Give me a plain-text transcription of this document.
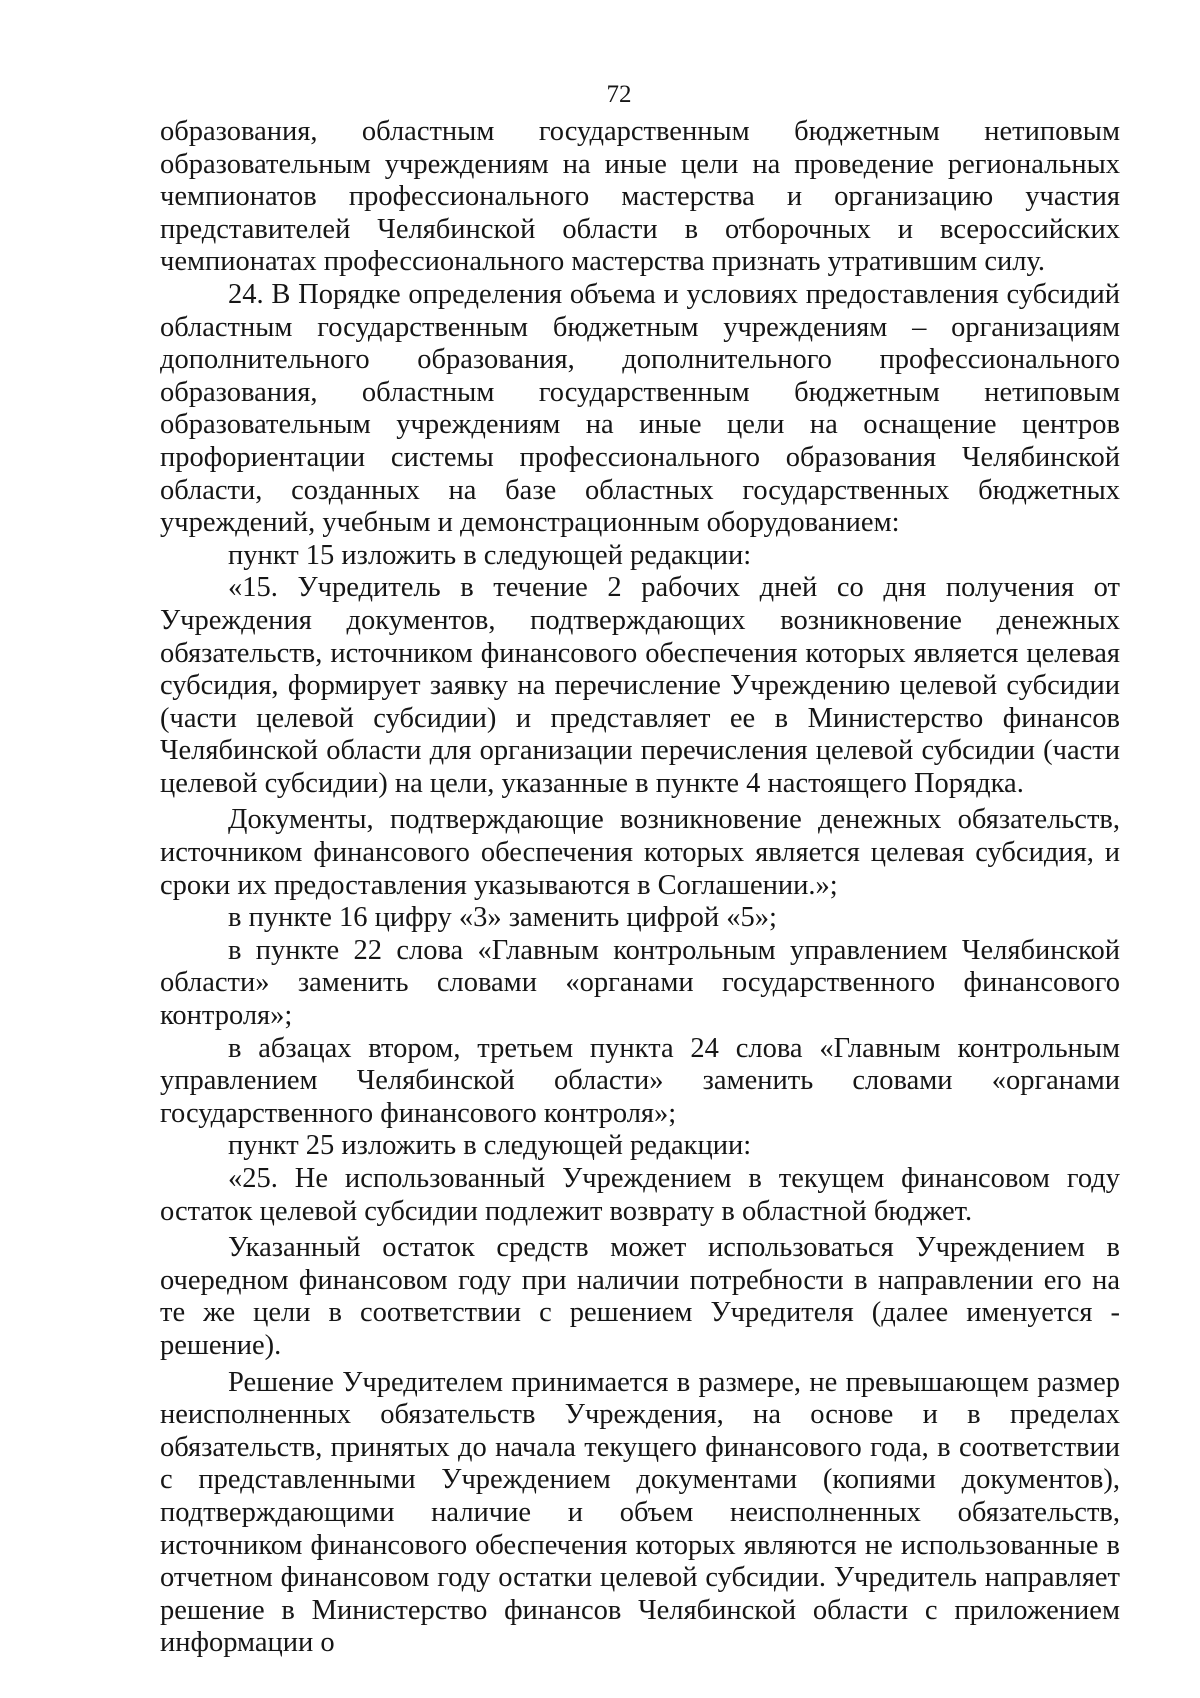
72

образования, областным государственным бюджетным нетиповым образовательным учреждениям на иные цели на проведение региональных чемпионатов профессионального мастерства и организацию участия представителей Челябинской области в отборочных и всероссийских чемпионатах профессионального мастерства признать утратившим силу.

24. В Порядке определения объема и условиях предоставления субсидий областным государственным бюджетным учреждениям – организациям дополнительного образования, дополнительного профессионального образования, областным государственным бюджетным нетиповым образовательным учреждениям на иные цели на оснащение центров профориентации системы профессионального образования Челябинской области, созданных на базе областных государственных бюджетных учреждений, учебным и демонстрационным оборудованием:

пункт 15 изложить в следующей редакции:

«15. Учредитель в течение 2 рабочих дней со дня получения от Учреждения документов, подтверждающих возникновение денежных обязательств, источником финансового обеспечения которых является целевая субсидия, формирует заявку на перечисление Учреждению целевой субсидии (части целевой субсидии) и представляет ее в Министерство финансов Челябинской области для организации перечисления целевой субсидии (части целевой субсидии) на цели, указанные в пункте 4 настоящего Порядка.

Документы, подтверждающие возникновение денежных обязательств, источником финансового обеспечения которых является целевая субсидия, и сроки их предоставления указываются в Соглашении.»;

в пункте 16 цифру «3» заменить цифрой «5»;

в пункте 22 слова «Главным контрольным управлением Челябинской области» заменить словами «органами государственного финансового контроля»;

в абзацах втором, третьем пункта 24 слова «Главным контрольным управлением Челябинской области» заменить словами «органами государственного финансового контроля»;

пункт 25 изложить в следующей редакции:

«25. Не использованный Учреждением в текущем финансовом году остаток целевой субсидии подлежит возврату в областной бюджет.

Указанный остаток средств может использоваться Учреждением в очередном финансовом году при наличии потребности в направлении его на те же цели в соответствии с решением Учредителя (далее именуется - решение).

Решение Учредителем принимается в размере, не превышающем размер неисполненных обязательств Учреждения, на основе и в пределах обязательств, принятых до начала текущего финансового года, в соответствии с представленными Учреждением документами (копиями документов), подтверждающими наличие и объем неисполненных обязательств, источником финансового обеспечения которых являются не использованные в отчетном финансовом году остатки целевой субсидии. Учредитель направляет решение в Министерство финансов Челябинской области с приложением информации о
